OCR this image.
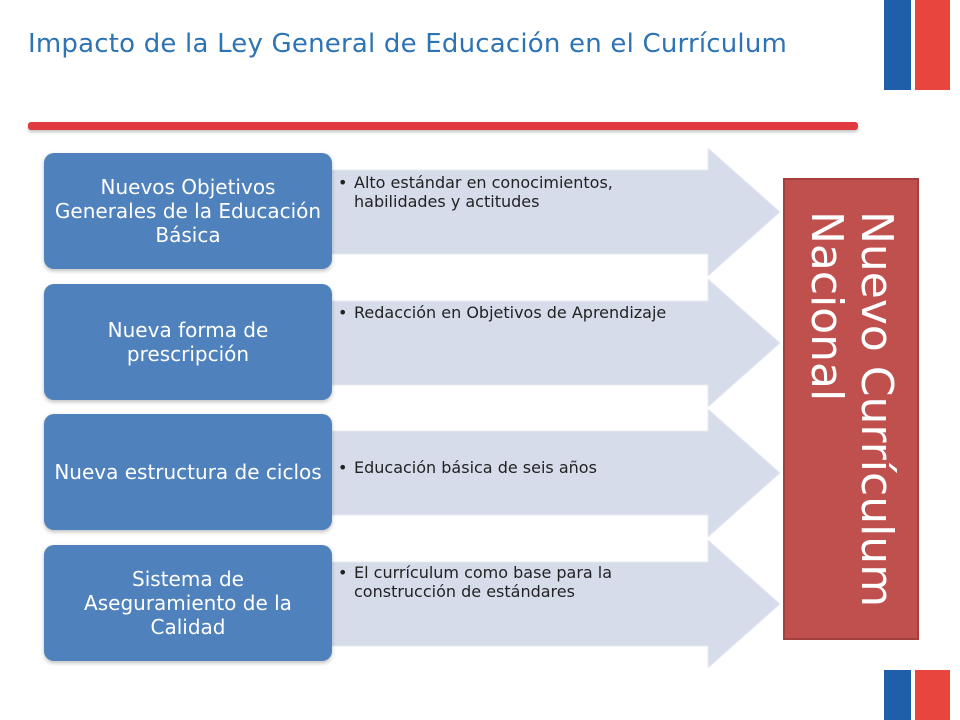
Impacto de la Ley General de Educación en el Currículum
Nuevos Objetivos Generales de la Educación Básica
• Alto estándar en conocimientos, habilidades y actitudes
Nueva forma de prescripción
• Redacción en Objetivos de Aprendizaje
Nueva estructura de ciclos • Educación básica de seis años
Sistema de Aseguramiento de la Calidad
• El currículum como base para la construcción de estándares	Nuevo Currículum
Nacional
